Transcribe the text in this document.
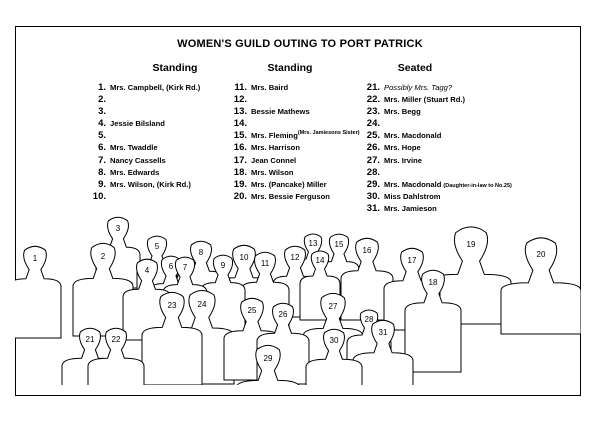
WOMEN'S GUILD OUTING TO PORT PATRICK
Standing	Standing	Seated
1. Mrs. Campbell, (Kirk Rd.)
2.
3.
4. Jessie Bilsland
5.
6. Mrs. Twaddle
7. Nancy Cassells
8. Mrs. Edwards
9. Mrs. Wilson, (Kirk Rd.)
10.
11. Mrs. Baird
12.
13. Bessie Mathews
14.
15. Mrs. Fleming$^{(Mrs. Jamiesons Sister)}$
16. Mrs. Harrison
17. Jean Connel
18. Mrs. Wilson
19. Mrs. (Pancake) Miller
20. Mrs. Bessie Ferguson
21. Possibly Mrs. Tagg?
22. Mrs. Miller (Stuart Rd.)
23. Mrs. Begg
24.
25. Mrs. Macdonald
26. Mrs. Hope
27. Mrs. Irvine
28.
29. Mrs. Macdonald (Daughter-in-law to No.25)
30. Miss Dahlstrom
31. Mrs. Jamieson
3
13 15	19
5	16
8	20
2	10	12
1	14	17
11
9
6 7
4
18
24
23	27
25	26
28
31
21 22	30
29
